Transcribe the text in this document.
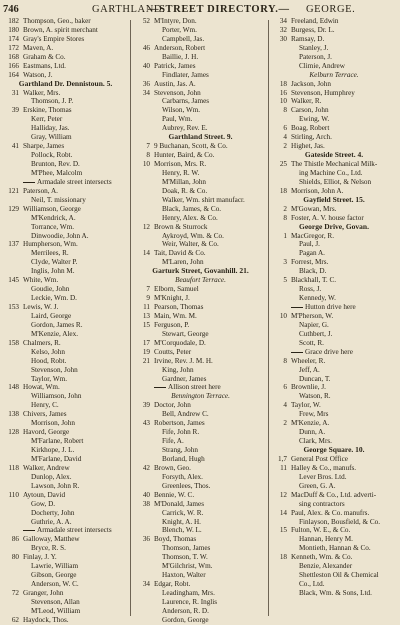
746	GARTHLAND.
—STREET DIRECTORY.— GEORGE.
182 Thompson, Geo., baker
180 Brown, A. spirit merchant
174 Gray's Empire Stores
172 Maven, A.
168 Graham & Co.
166 Eastmans, Ltd.
164 Watson, J.
Garthland Dr. Dennistoun. 5.
31 Walker, Mrs.
Thomson, J. P.
39 Erskine, Thomas
Kerr, Peter
Halliday, Jas.
Gray, William
41 Sharpe, James
Pollock, Robt.
Brunton, Rev. D.
M'Phee, Malcolm
Armadale street intersects
121 Paterson, A.
Neil, T. missionary
129 Williamson, George
M'Kendrick, A.
Torrance, Wm.
Dinwoodie, John A.
137 Humpherson, Wm.
Merrilees, R.
Clyde, Walter P.
Inglis, John M.
145 White, Wm.
Goudie, John
Leckie, Wm. D.
153 Lewis, W. J.
Laird, George
Gordon, James R.
M'Kenzie, Alex.
158 Chalmers, R.
Kelso, John
Hood, Robt.
Stevenson, John
Taylor, Wm.
148 Howat, Wm.
Williamson, John
Henry, C.
138 Chivers, James
Morrison, John
128 Havord, George
M'Farlane, Robert
Kirkhope, J. L.
M'Farlane, David
118 Walker, Andrew
Dunlop, Alex.
Lawson, John R.
110 Aytoun, David
Gow, D.
Docherty, John
Guthrie, A. A.
Armadale street intersects
86 Galloway, Matthew
Bryce, R. S.
80 Finlay, J. Y.
Lawrie, William
Gibson, George
Anderson, W. C.
72 Granger, John
Stevenson, Allan
M'Leod, William
62 Haydock, Thos.
52 M'Intyre, Don.
Porter, Wm.
Campbell, Jas.
46 Anderson, Robert
Baillie, J. H.
40 Patrick, James
Findlater, James
36 Austin, Jas. A.
34 Stevenson, John
Carbarns, James
Wilson, Wm.
Paul, Wm.
Aubrey, Rev. E.
Garthland Street. 9.
7 9 Buchanan, Scott, & Co.
8 Hunter, Baird, & Co.
10 Morrison, Mrs. R.
Henry, R. W.
M'Millan, John
Doak, R. & Co.
Walker, Wm. shirt manufacr.
Black, James, & Co.
Henry, Alex. & Co.
12 Brown & Sturrock
Aykroyd, Wm. & Co.
Weir, Walter, & Co.
14 Tait, David & Co.
M'Laren, John
Garturk Street, Govanhill. 21.
Beaufort Terrace.
7 Elborn, Samuel
9 M'Knight, J.
11 Pearson, Thomas
13 Main, Wm. M.
15 Ferguson, P.
Stewart, George
17 M'Corquodale, D.
19 Coutts, Peter
21 Irvine, Rev. J. M. H.
King, John
Gardner, James
Allison street here
Bennington Terrace.
39 Doctor, John
Bell, Andrew C.
43 Robertson, James
Fife, John R.
Fife, A.
Strang, John
Borland, Hugh
42 Brown, Geo.
Forsyth, Alex.
Greenlees, Thos.
40 Bennie, W. C.
38 M'Donald, James
Carrick, W. R.
Knight, A. H.
Blench, W. L.
36 Boyd, Thomas
Thomson, James
Thomson, T. W.
M'Gilchrist, Wm.
Haxton, Walter
34 Edgar, Robt.
Leadingham, Mrs.
Laurence, R. Inglis
Anderson, R. D.
Gordon, George
34 Freeland, Edwin
32 Burgess, Dr. L.
30 Ramsay, D.
Stanley, J.
Paterson, J.
Climie, Andrew
Kelburn Terrace.
18 Jackson, John
16 Stevenson, Humphrey
10 Walker, R.
8 Carson, John
Ewing, W.
6 Boag, Robert
4 Stirling, Arch.
2 Highet, Jas.
Gateside Street. 4.
25 The Thistle Mechanical Milk-
ing Machine Co., Ltd.
Shields, Elliot, & Nelson
18 Morrison, John A.
Gayfield Street. 15.
2 M'Gowan, Mrs.
8 Foster, A. V. house factor
George Drive, Govan.
1 MacGregor, R.
Paul, J.
Pagan A.
3 Forrest, Mrs.
Black, D.
5 Blackhall, T. C.
Ross, J.
Kennedy, W.
Hutton drive here
10 M'Pherson, W.
Napier, G.
Cuthbert, J.
Scott, R.
Grace drive here
8 Wheeler, R.
Jeff, A.
Duncan, T.
6 Brownlie, J.
Watson, R.
4 Taylor, W.
Frew, Mrs
2 M'Kenzie, A.
Dunn, A.
Clark, Mrs.
George Square. 10.
1,7 General Post Office
11 Halley & Co., manufs.
Lever Bros. Ltd.
Green, G. A.
12 MacDuff & Co., Ltd. adverti-
sing contractors
14 Paul, Alex. & Co. manufrs.
Finlayson, Bousfield, & Co.
15 Fulton, W. E., & Co.
Hannan, Henry M.
Montieth, Hannan & Co.
18 Kenneth, Wm. & Co.
Benzie, Alexander
Shettleston Oil & Chemical
Co., Ltd.
Black, Wm. & Sons, Ltd.
